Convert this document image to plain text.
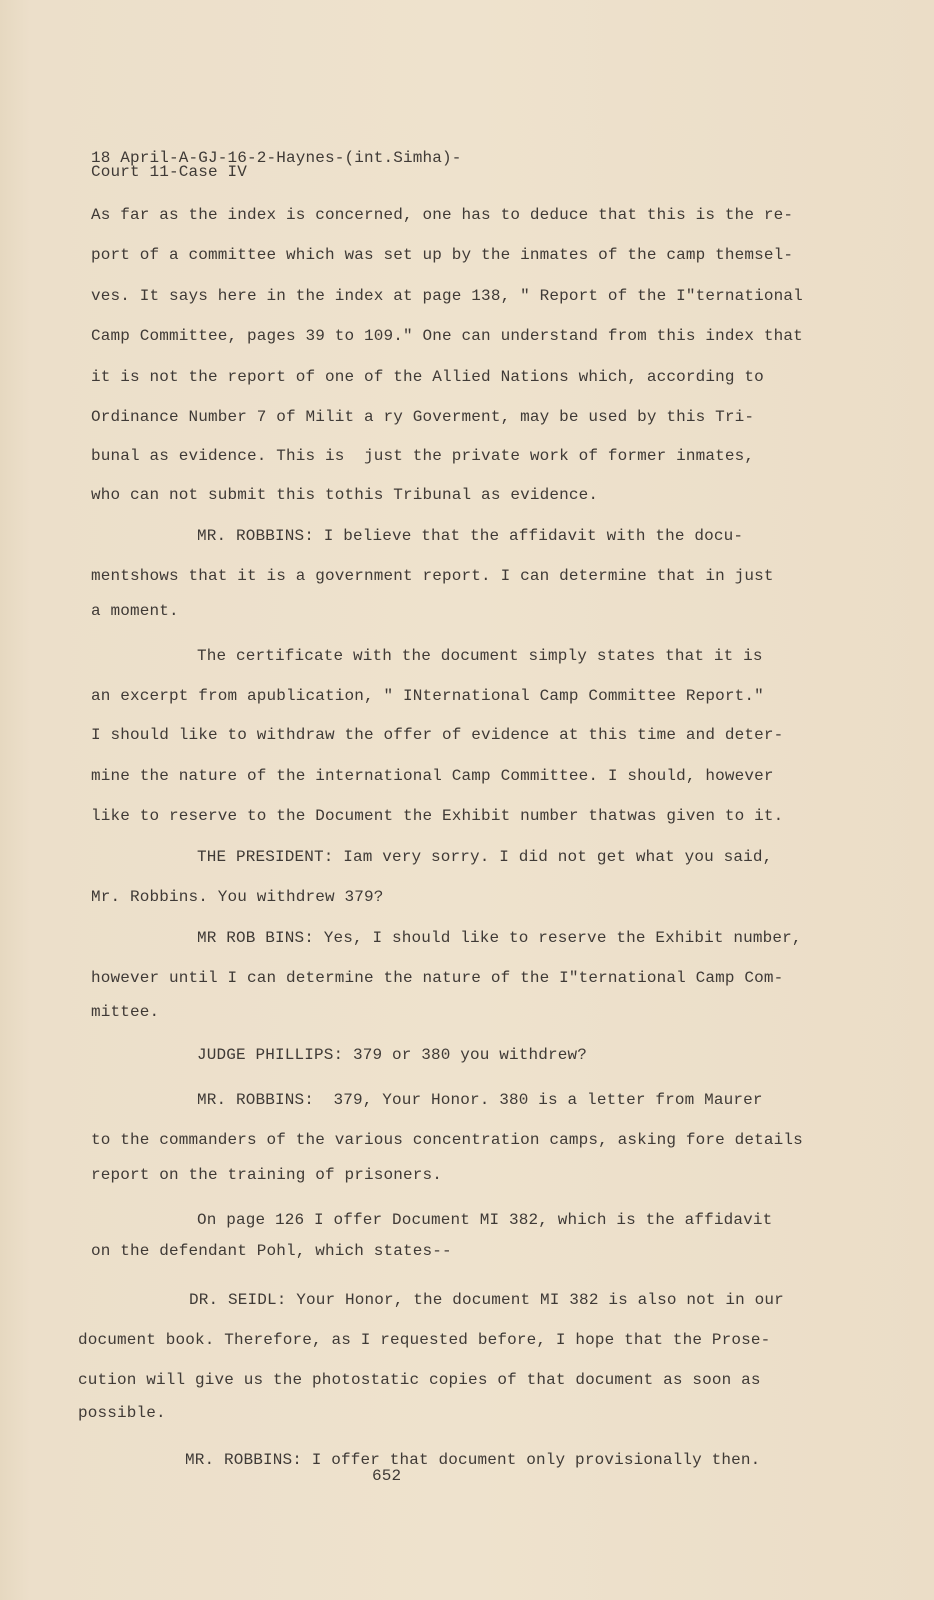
18 April-A-GJ-16-2-Haynes-(int.Simha)-
Court 11-Case IV
As far as the index is concerned, one has to deduce that this is the re-
port of a committee which was set up by the inmates of the camp themsel-
ves. It says here in the index at page 138, " Report of the I"ternational
Camp Committee, pages 39 to 109." One can understand from this index that
it is not the report of one of the Allied Nations which, according to
Ordinance Number 7 of Milit a ry Goverment, may be used by this Tri-
bunal as evidence. This is  just the private work of former inmates,
who can not submit this tothis Tribunal as evidence.
MR. ROBBINS: I believe that the affidavit with the docu-
mentshows that it is a government report. I can determine that in just
a moment.
The certificate with the document simply states that it is
an excerpt from apublication, " INternational Camp Committee Report."
I should like to withdraw the offer of evidence at this time and deter-
mine the nature of the international Camp Committee. I should, however
like to reserve to the Document the Exhibit number thatwas given to it.
THE PRESIDENT: Iam very sorry. I did not get what you said,
Mr. Robbins. You withdrew 379?
MR ROB BINS: Yes, I should like to reserve the Exhibit number,
however until I can determine the nature of the I"ternational Camp Com-
mittee.
JUDGE PHILLIPS: 379 or 380 you withdrew?
MR. ROBBINS:  379, Your Honor. 380 is a letter from Maurer
to the commanders of the various concentration camps, asking fore details
report on the training of prisoners.
On page 126 I offer Document MI 382, which is the affidavit
on the defendant Pohl, which states--
DR. SEIDL: Your Honor, the document MI 382 is also not in our
document book. Therefore, as I requested before, I hope that the Prose-
cution will give us the photostatic copies of that document as soon as
possible.
MR. ROBBINS: I offer that document only provisionally then.
652
